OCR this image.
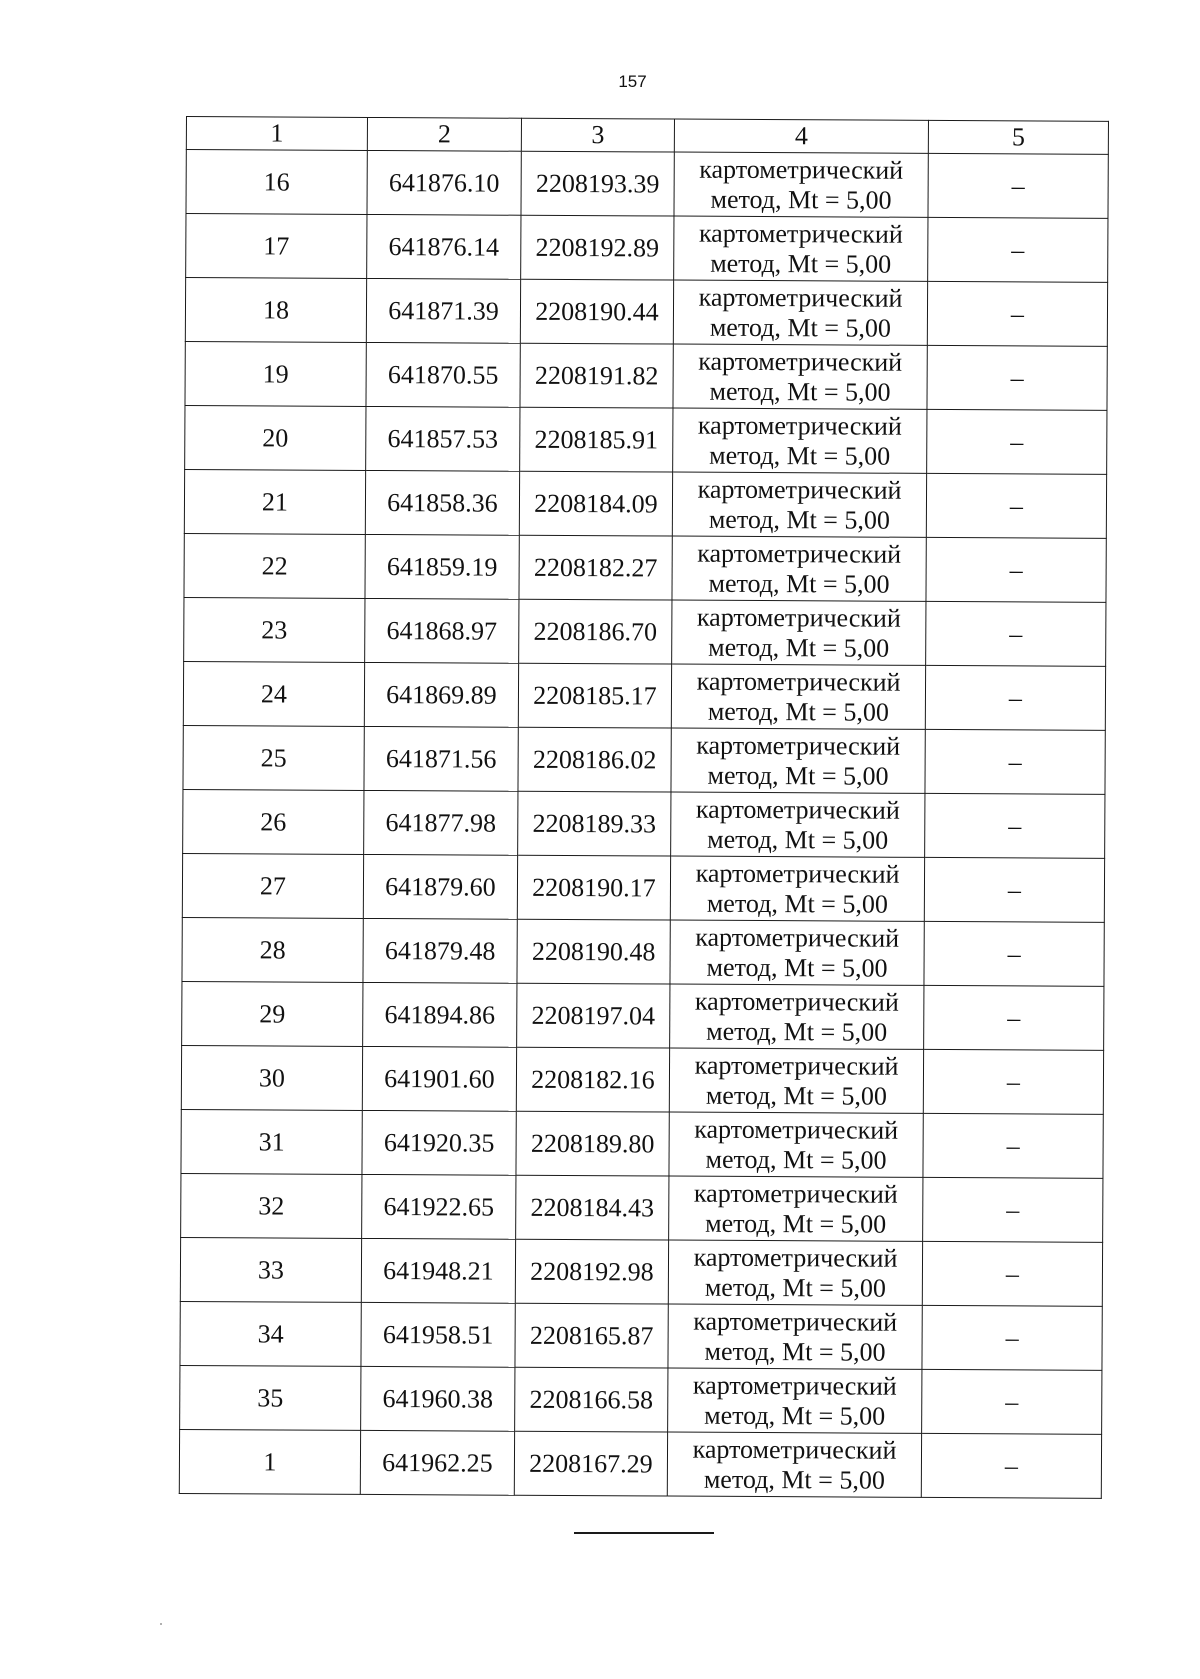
157
1	2	3	4	5
16	641876.10	2208193.39	картометрический
метод, Mt = 5,00	–
17	641876.14	2208192.89	картометрический
метод, Mt = 5,00	–
18	641871.39	2208190.44	картометрический
метод, Mt = 5,00	–
19	641870.55	2208191.82	картометрический
метод, Mt = 5,00	–
20	641857.53	2208185.91	картометрический
метод, Mt = 5,00	–
21	641858.36	2208184.09	картометрический
метод, Mt = 5,00	–
22	641859.19	2208182.27	картометрический
метод, Mt = 5,00	–
23	641868.97	2208186.70	картометрический
метод, Mt = 5,00	–
24	641869.89	2208185.17	картометрический
метод, Mt = 5,00	–
25	641871.56	2208186.02	картометрический
метод, Mt = 5,00	–
26	641877.98	2208189.33	картометрический
метод, Mt = 5,00	–
27	641879.60	2208190.17	картометрический
метод, Mt = 5,00	–
28	641879.48	2208190.48	картометрический
метод, Mt = 5,00	–
29	641894.86	2208197.04	картометрический
метод, Mt = 5,00	–
30	641901.60	2208182.16	картометрический
метод, Mt = 5,00	–
31	641920.35	2208189.80	картометрический
метод, Mt = 5,00	–
32	641922.65	2208184.43	картометрический
метод, Mt = 5,00	–
33	641948.21	2208192.98	картометрический
метод, Mt = 5,00	–
34	641958.51	2208165.87	картометрический
метод, Mt = 5,00	–
35	641960.38	2208166.58	картометрический
метод, Mt = 5,00	–
1	641962.25	2208167.29	картометрический
метод, Mt = 5,00	–
